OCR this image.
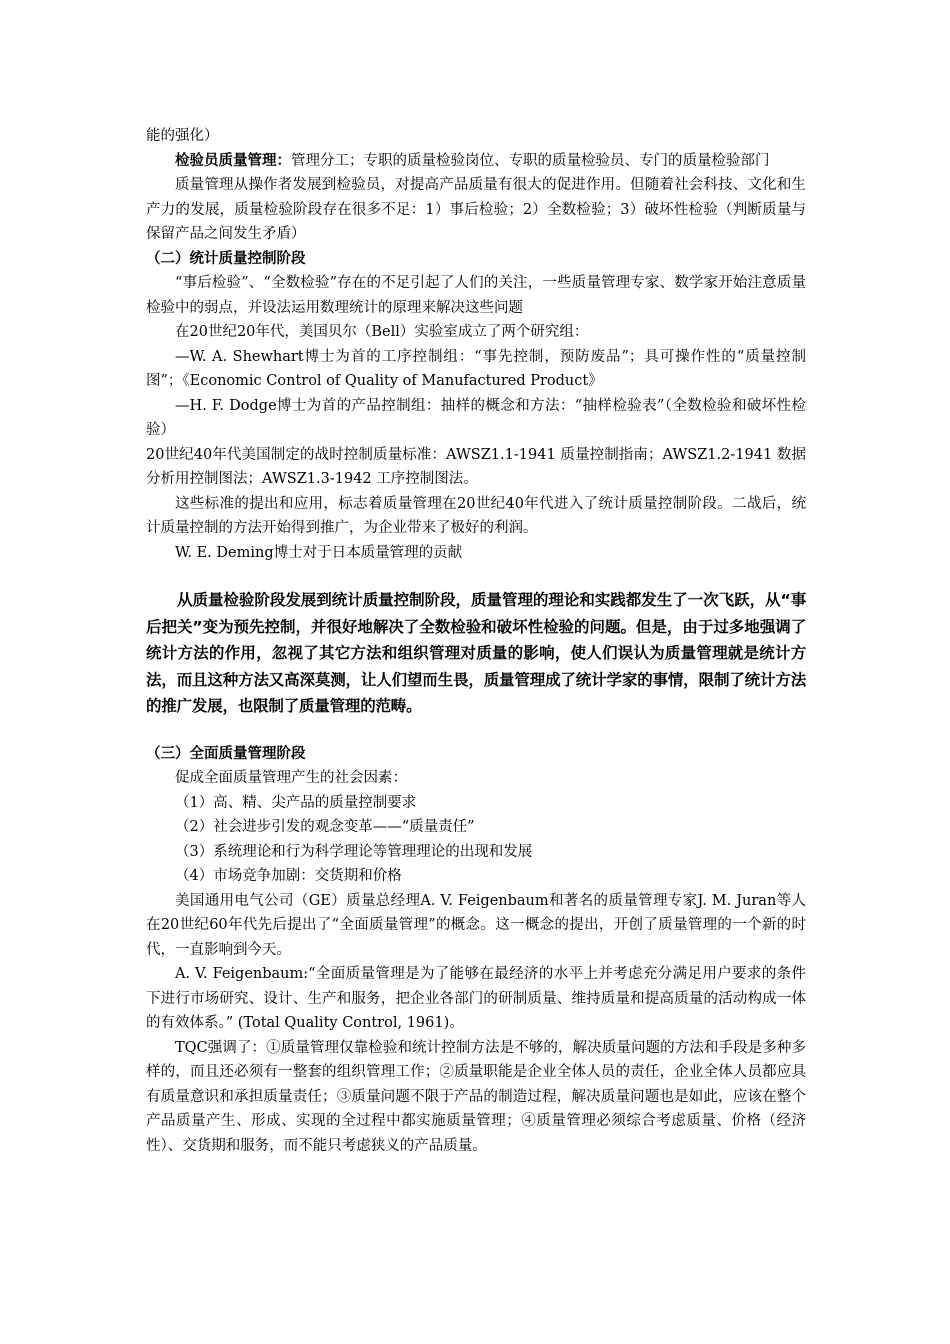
能的强化）

检验员质量管理：管理分工；专职的质量检验岗位、专职的质量检验员、专门的质量检验部门

质量管理从操作者发展到检验员，对提高产品质量有很大的促进作用。但随着社会科技、文化和生产力的发展，质量检验阶段存在很多不足：1）事后检验；2）全数检验；3）破坏性检验（判断质量与保留产品之间发生矛盾）

（二）统计质量控制阶段

“事后检验”、“全数检验”存在的不足引起了人们的关注，一些质量管理专家、数学家开始注意质量检验中的弱点，并设法运用数理统计的原理来解决这些问题

在20世纪20年代，美国贝尔（Bell）实验室成立了两个研究组：

—W. A. Shewhart博士为首的工序控制组：“事先控制，预防废品”；具可操作性的“质量控制图”；《Economic Control of Quality of Manufactured Product》

—H. F. Dodge博士为首的产品控制组：抽样的概念和方法：“抽样检验表”（全数检验和破坏性检验）

20世纪40年代美国制定的战时控制质量标准：AWSZ1.1-1941 质量控制指南；AWSZ1.2-1941 数据分析用控制图法；AWSZ1.3-1942 工序控制图法。

这些标准的提出和应用，标志着质量管理在20世纪40年代进入了统计质量控制阶段。二战后，统计质量控制的方法开始得到推广，为企业带来了极好的利润。

W. E. Deming博士对于日本质量管理的贡献

从质量检验阶段发展到统计质量控制阶段，质量管理的理论和实践都发生了一次飞跃，从“事后把关”变为预先控制，并很好地解决了全数检验和破坏性检验的问题。但是，由于过多地强调了统计方法的作用，忽视了其它方法和组织管理对质量的影响，使人们误认为质量管理就是统计方法，而且这种方法又高深莫测，让人们望而生畏，质量管理成了统计学家的事情，限制了统计方法的推广发展，也限制了质量管理的范畴。

（三）全面质量管理阶段

促成全面质量管理产生的社会因素：

（1）高、精、尖产品的质量控制要求

（2）社会进步引发的观念变革——“质量责任”

（3）系统理论和行为科学理论等管理理论的出现和发展

（4）市场竞争加剧：交货期和价格

美国通用电气公司（GE）质量总经理A. V. Feigenbaum和著名的质量管理专家J. M. Juran等人在20世纪60年代先后提出了“全面质量管理”的概念。这一概念的提出，开创了质量管理的一个新的时代，一直影响到今天。

A. V. Feigenbaum:“全面质量管理是为了能够在最经济的水平上并考虑充分满足用户要求的条件下进行市场研究、设计、生产和服务，把企业各部门的研制质量、维持质量和提高质量的活动构成一体的有效体系。” (Total Quality Control, 1961)。

TQC强调了：①质量管理仅靠检验和统计控制方法是不够的，解决质量问题的方法和手段是多种多样的，而且还必须有一整套的组织管理工作；②质量职能是企业全体人员的责任，企业全体人员都应具有质量意识和承担质量责任；③质量问题不限于产品的制造过程，解决质量问题也是如此，应该在整个产品质量产生、形成、实现的全过程中都实施质量管理；④质量管理必须综合考虑质量、价格（经济性）、交货期和服务，而不能只考虑狭义的产品质量。
